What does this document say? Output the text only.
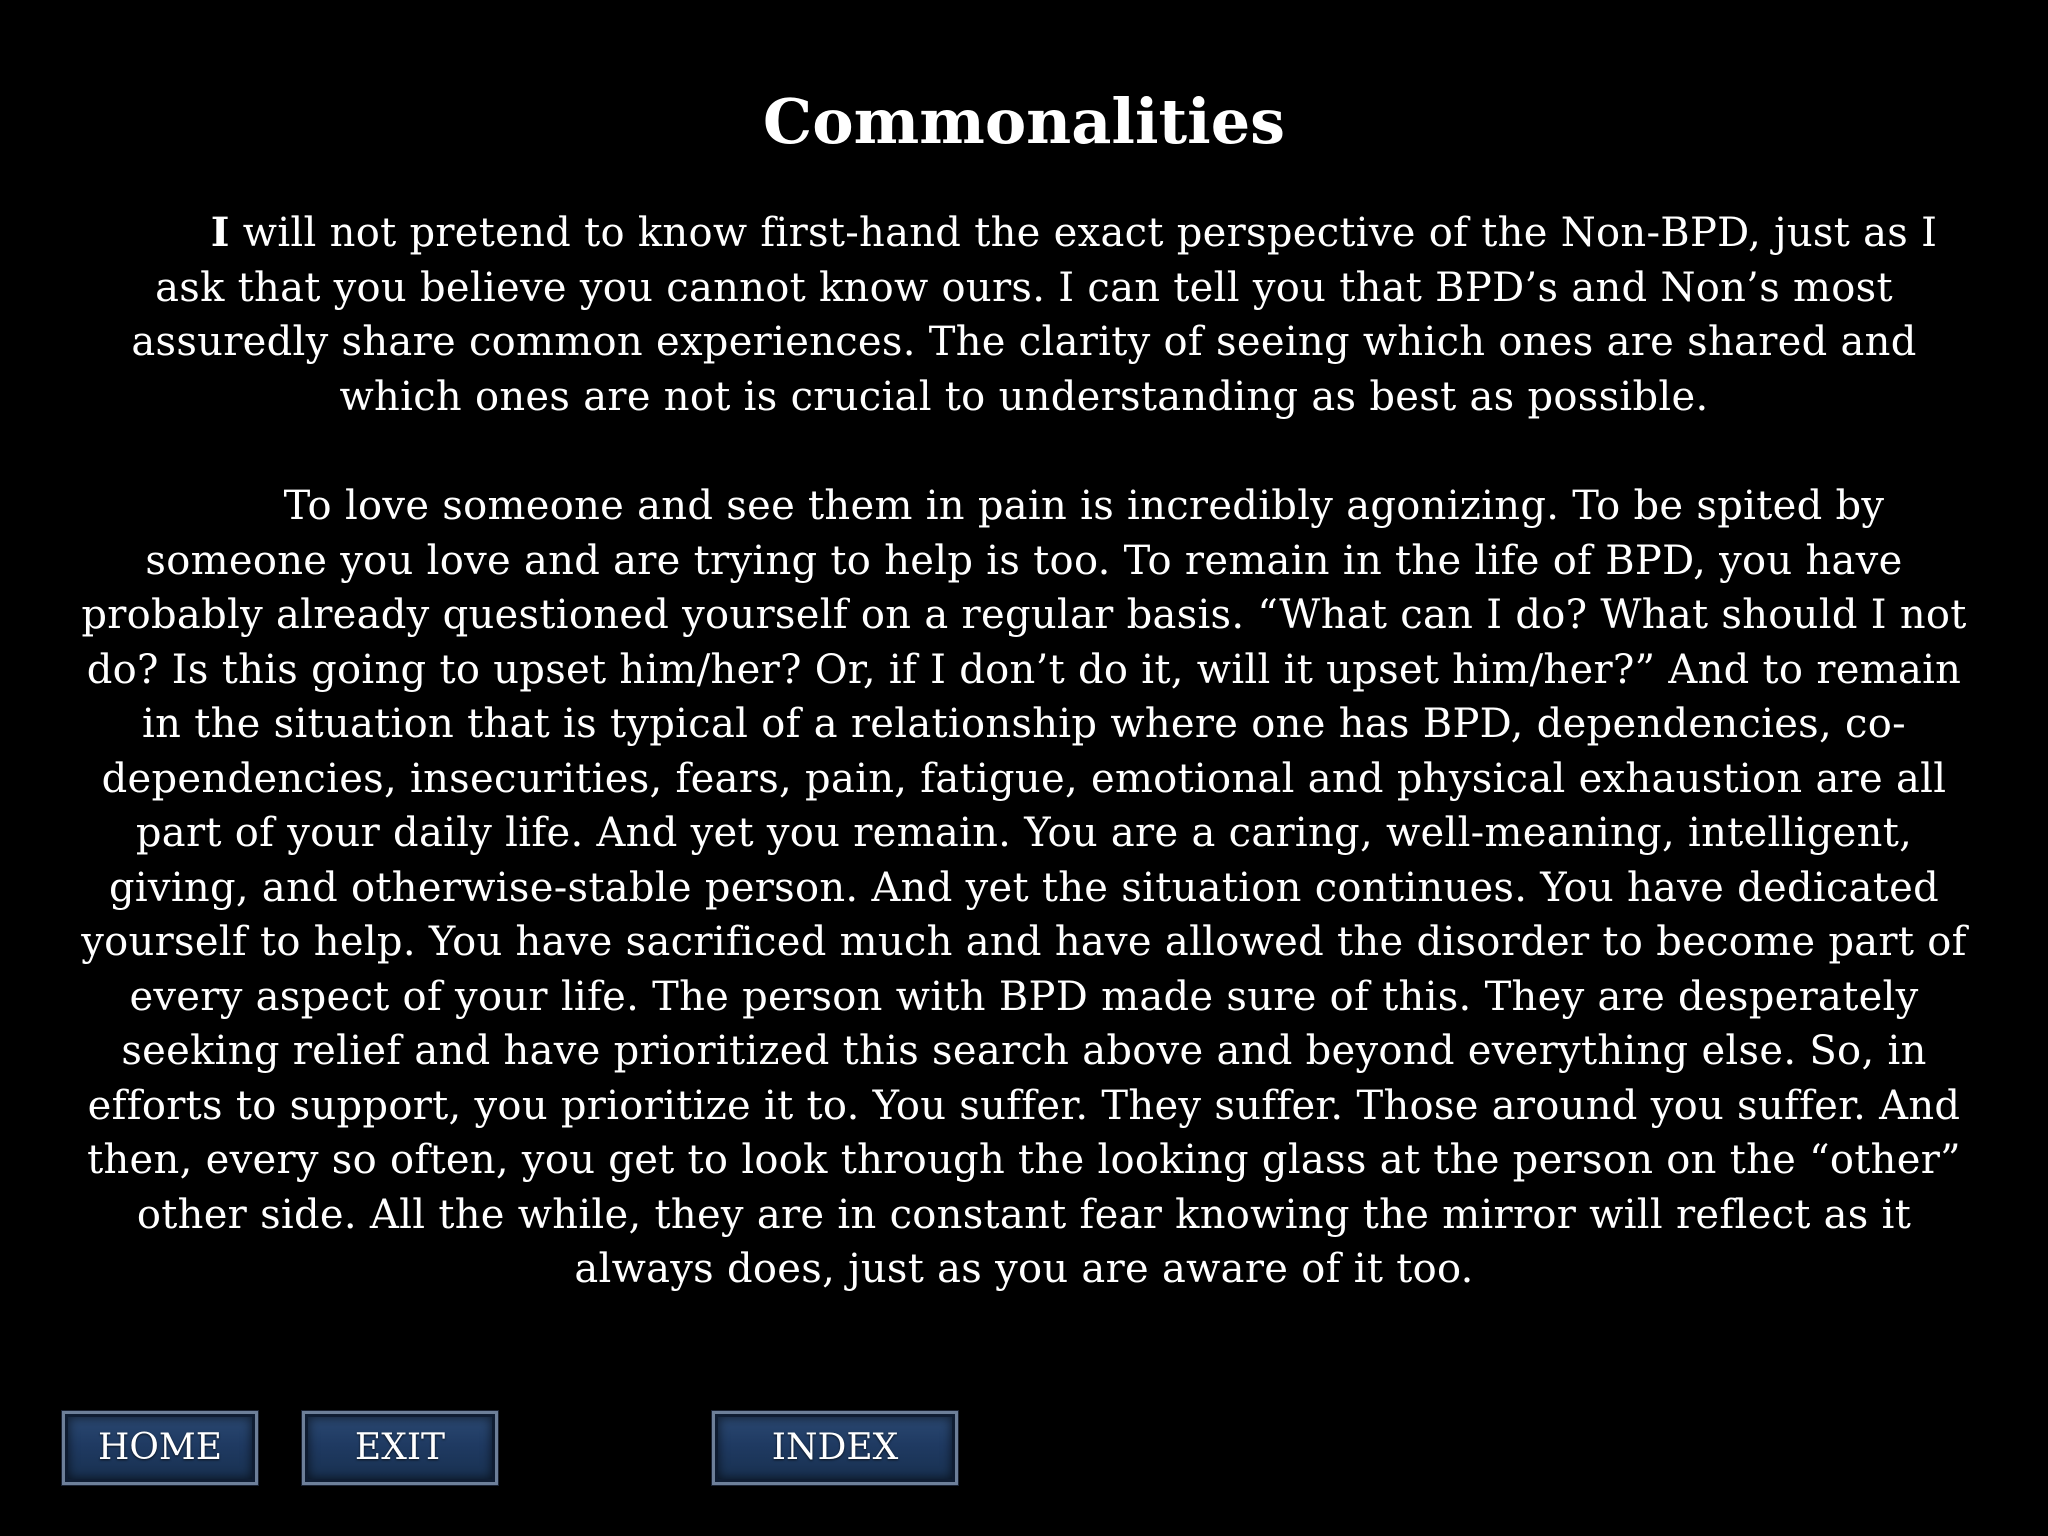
Commonalities

I will not pretend to know first-hand the exact perspective of the Non-BPD, just as I ask that you believe you cannot know ours. I can tell you that BPD’s and Non’s most assuredly share common experiences. The clarity of seeing which ones are shared and which ones are not is crucial to understanding as best as possible.

To love someone and see them in pain is incredibly agonizing. To be spited by someone you love and are trying to help is too. To remain in the life of BPD, you have probably already questioned yourself on a regular basis. “What can I do? What should I not do? Is this going to upset him/her? Or, if I don’t do it, will it upset him/her?” And to remain in the situation that is typical of a relationship where one has BPD, dependencies, co-dependencies, insecurities, fears, pain, fatigue, emotional and physical exhaustion are all part of your daily life. And yet you remain. You are a caring, well-meaning, intelligent, giving, and otherwise-stable person. And yet the situation continues. You have dedicated yourself to help. You have sacrificed much and have allowed the disorder to become part of every aspect of your life. The person with BPD made sure of this. They are desperately seeking relief and have prioritized this search above and beyond everything else. So, in efforts to support, you prioritize it to. You suffer. They suffer. Those around you suffer. And then, every so often, you get to look through the looking glass at the person on the “other” other side. All the while, they are in constant fear knowing the mirror will reflect as it always does, just as you are aware of it too.

HOME	EXIT	INDEX
